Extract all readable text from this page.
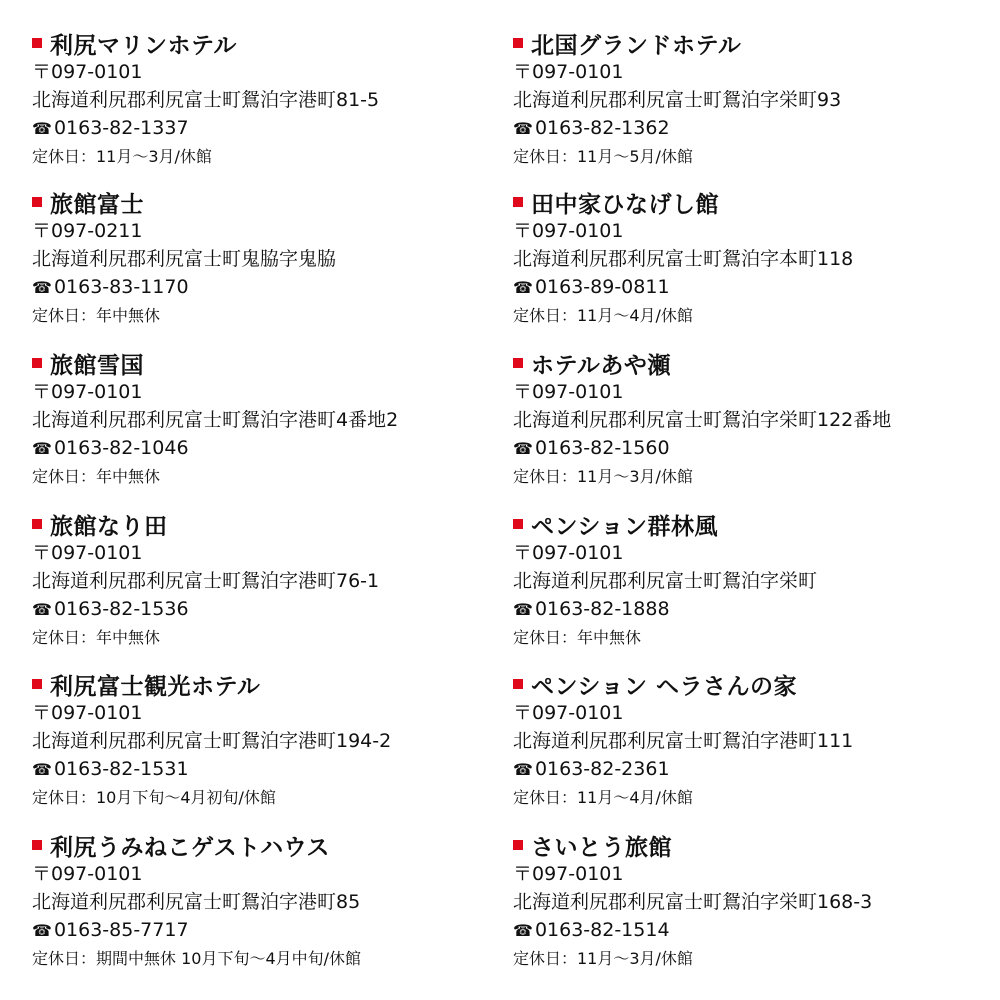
利尻マリンホテル
〒097-0101
北海道利尻郡利尻富士町鴛泊字港町81-5
☎ 0163-82-1337
定休日：11月～3月/休館
北国グランドホテル
〒097-0101
北海道利尻郡利尻富士町鴛泊字栄町93
☎ 0163-82-1362
定休日：11月～5月/休館
旅館富士
〒097-0211
北海道利尻郡利尻富士町鬼脇字鬼脇
☎ 0163-83-1170
定休日：年中無休
田中家ひなげし館
〒097-0101
北海道利尻郡利尻富士町鴛泊字本町118
☎ 0163-89-0811
定休日：11月～4月/休館
旅館雪国
〒097-0101
北海道利尻郡利尻富士町鴛泊字港町4番地2
☎ 0163-82-1046
定休日：年中無休
ホテルあや瀬
〒097-0101
北海道利尻郡利尻富士町鴛泊字栄町122番地
☎ 0163-82-1560
定休日：11月～3月/休館
旅館なり田
〒097-0101
北海道利尻郡利尻富士町鴛泊字港町76-1
☎ 0163-82-1536
定休日：年中無休
ペンション群林風
〒097-0101
北海道利尻郡利尻富士町鴛泊字栄町
☎ 0163-82-1888
定休日：年中無休
利尻富士観光ホテル
〒097-0101
北海道利尻郡利尻富士町鴛泊字港町194-2
☎ 0163-82-1531
定休日：10月下旬～4月初旬/休館
ペンション ヘラさんの家
〒097-0101
北海道利尻郡利尻富士町鴛泊字港町111
☎ 0163-82-2361
定休日：11月～4月/休館
利尻うみねこゲストハウス
〒097-0101
北海道利尻郡利尻富士町鴛泊字港町85
☎ 0163-85-7717
定休日：期間中無休 10月下旬～4月中旬/休館
さいとう旅館
〒097-0101
北海道利尻郡利尻富士町鴛泊字栄町168-3
☎ 0163-82-1514
定休日：11月～3月/休館
